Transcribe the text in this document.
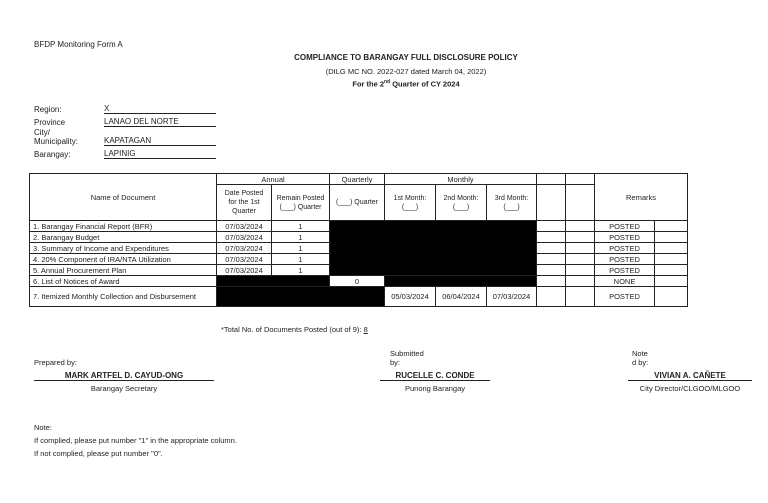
BFDP Monitoring Form A
COMPLIANCE TO BARANGAY FULL DISCLOSURE POLICY
(DILG MC NO. 2022-027 dated March 04, 2022)
For the 2nd Quarter of CY 2024
Region:	X
Province	LANAO DEL NORTE
City/
Municipality:	KAPATAGAN
Barangay:	LAPINIG
Name of Document	Annual		Quarterly	Monthly					Remarks	
	Date Posted for the 1st Quarter	Remain Posted (___) Quarter	(___) Quarter	1st Month: (___)	2nd Month: (___)	3rd Month: (___)				
1. Barangay Financial Report (BFR)	07/03/2024	1							POSTED	
2. Barangay Budget	07/03/2024	1							POSTED	
3. Summary of Income and Expenditures	07/03/2024	1							POSTED	
4. 20% Component of IRA/NTA Utilization	07/03/2024	1							POSTED	
5. Annual Procurement Plan	07/03/2024	1							POSTED	
6. List of Notices of Award			0						NONE	
7. Itemized Monthly Collection and Disbursement				05/03/2024	06/04/2024	07/03/2024			POSTED	
*Total No. of Documents Posted (out of 9): 8
Prepared by:
MARK ARTFEL D. CAYUD-ONG
Barangay Secretary
Submitted
by:
RUCELLE C. CONDE
Punong Barangay
Note
d by:
VIVIAN A. CAÑETE
City Director/CLGOO/MLGOO
Note:
If complied, please put number "1" in the appropriate column.
If not complied, please put number "0".
